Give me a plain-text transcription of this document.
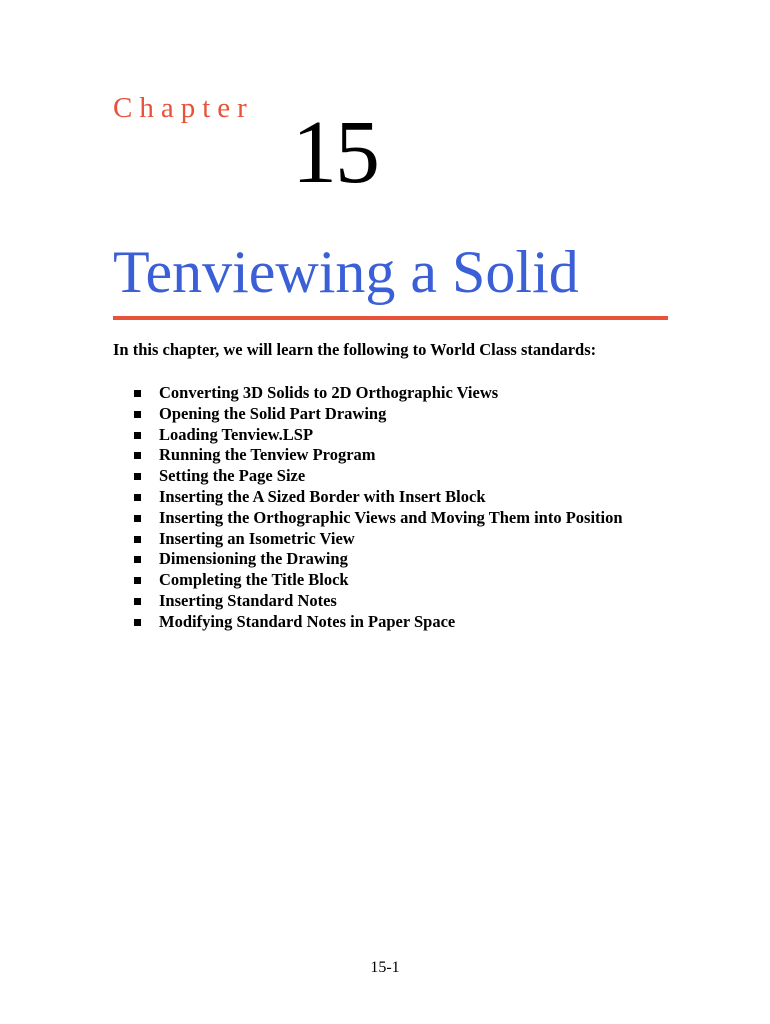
Chapter 15
Tenviewing a Solid
In this chapter, we will learn the following to World Class standards:
Converting 3D Solids to 2D Orthographic Views
Opening the Solid Part Drawing
Loading Tenview.LSP
Running the Tenview Program
Setting the Page Size
Inserting the A Sized Border with Insert Block
Inserting the Orthographic Views and Moving Them into Position
Inserting an Isometric View
Dimensioning the Drawing
Completing the Title Block
Inserting Standard Notes
Modifying Standard Notes in Paper Space
15-1
